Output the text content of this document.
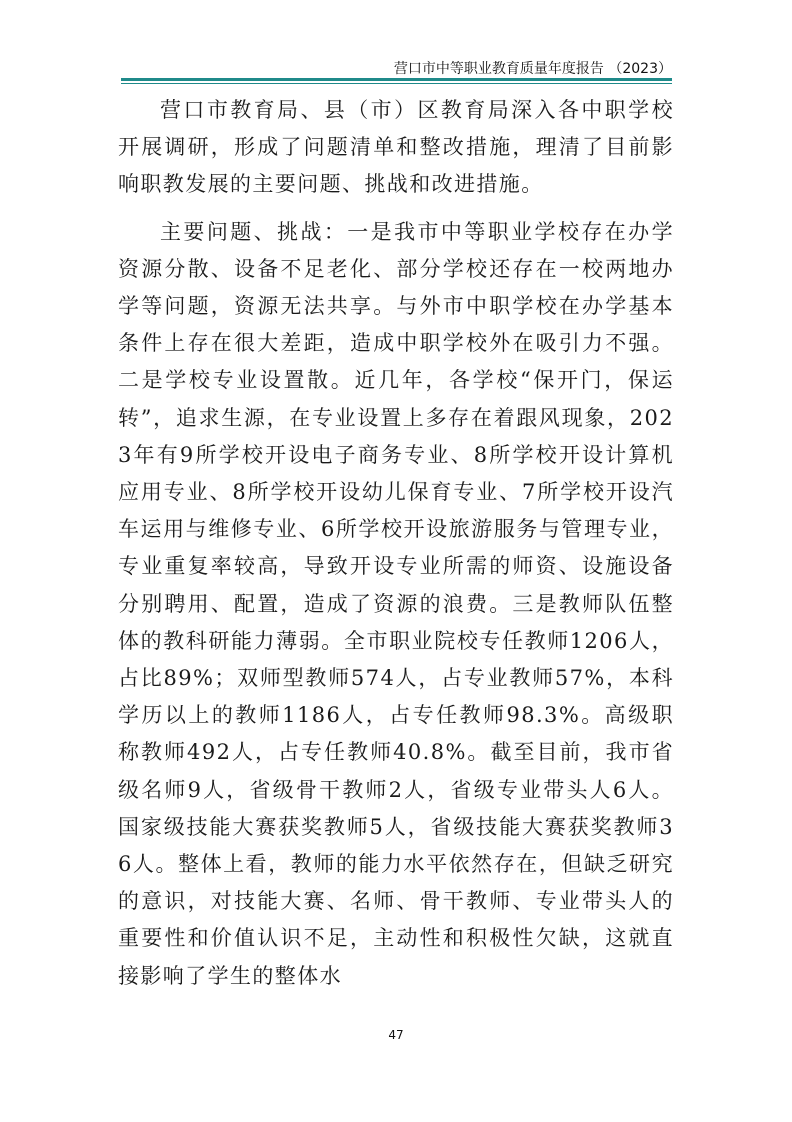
营口市中等职业教育质量年度报告 （2023）

营口市教育局、县（市）区教育局深入各中职学校开展调研，形成了问题清单和整改措施，理清了目前影响职教发展的主要问题、挑战和改进措施。

主要问题、挑战：一是我市中等职业学校存在办学资源分散、设备不足老化、部分学校还存在一校两地办学等问题，资源无法共享。与外市中职学校在办学基本条件上存在很大差距，造成中职学校外在吸引力不强。二是学校专业设置散。近几年，各学校“保开门，保运转”，追求生源，在专业设置上多存在着跟风现象，2023年有9所学校开设电子商务专业、8所学校开设计算机应用专业、8所学校开设幼儿保育专业、7所学校开设汽车运用与维修专业、6所学校开设旅游服务与管理专业，专业重复率较高，导致开设专业所需的师资、设施设备分别聘用、配置，造成了资源的浪费。三是教师队伍整体的教科研能力薄弱。全市职业院校专任教师1206人，占比89%；双师型教师574人，占专业教师57%，本科学历以上的教师1186人，占专任教师98.3%。高级职称教师492人，占专任教师40.8%。截至目前，我市省级名师9人，省级骨干教师2人，省级专业带头人6人。国家级技能大赛获奖教师5人，省级技能大赛获奖教师36人。整体上看，教师的能力水平依然存在，但缺乏研究的意识，对技能大赛、名师、骨干教师、专业带头人的重要性和价值认识不足，主动性和积极性欠缺，这就直接影响了学生的整体水

47
